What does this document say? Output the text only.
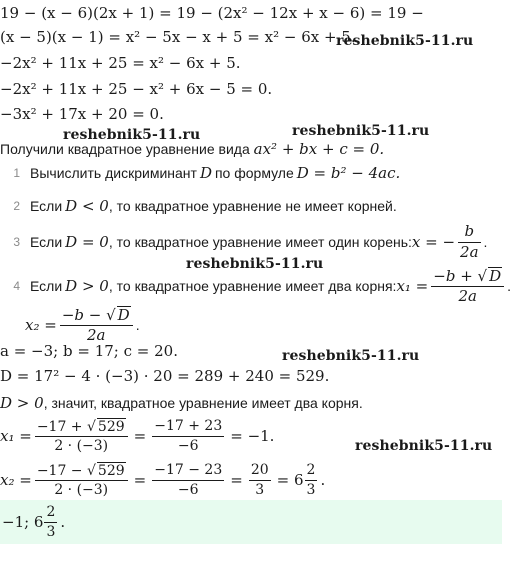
19 − (x − 6)(2x + 1) = 19 − (2x² − 12x + x − 6) = 19 −
(x − 5)(x − 1) = x² − 5x − x + 5 = x² − 6x + 5.
−2x² + 11x + 25 = x² − 6x + 5.
−2x² + 11x + 25 − x² + 6x − 5 = 0.
−3x² + 17x + 20 = 0.
Получили квадратное уравнение вида ax² + bx + c = 0.
1 Вычислить дискриминант D по формуле D = b² − 4ac.
2 Если D < 0 , то квадратное уравнение не имеет корней.
3 Если D = 0 , то квадратное уравнение имеет один корень: x = − $\frac{b}{2a}$ .
4 Если D > 0 , то квадратное уравнение имеет два корня: $x_1 = \frac{-b + √ D}{2a}$ .
$x_2 = \frac{-b - √ D}{2a}$ .
a = −3; b = 17; c = 20.
D = 17² − 4 · (−3) · 20 = 289 + 240 = 529.
D > 0, значит, квадратное уравнение имеет два корня.
$x_1 = \frac{-17 + √ 529}{2 \cdot (-3)} = \frac{-17 + 23}{-6} = -1$.
$x_2 = \frac{-17 - √ 529}{2 \cdot (-3)} = \frac{-17 - 23}{-6} = \frac{20}{3} = 6 \frac{2}{3}$ .
−1; $6 \frac{2}{3}$ .
reshebnik5-11.ru
reshebnik5-11.ru	reshebnik5-11.ru
reshebnik5-11.ru
reshebnik5-11.ru
reshebnik5-11.ru
